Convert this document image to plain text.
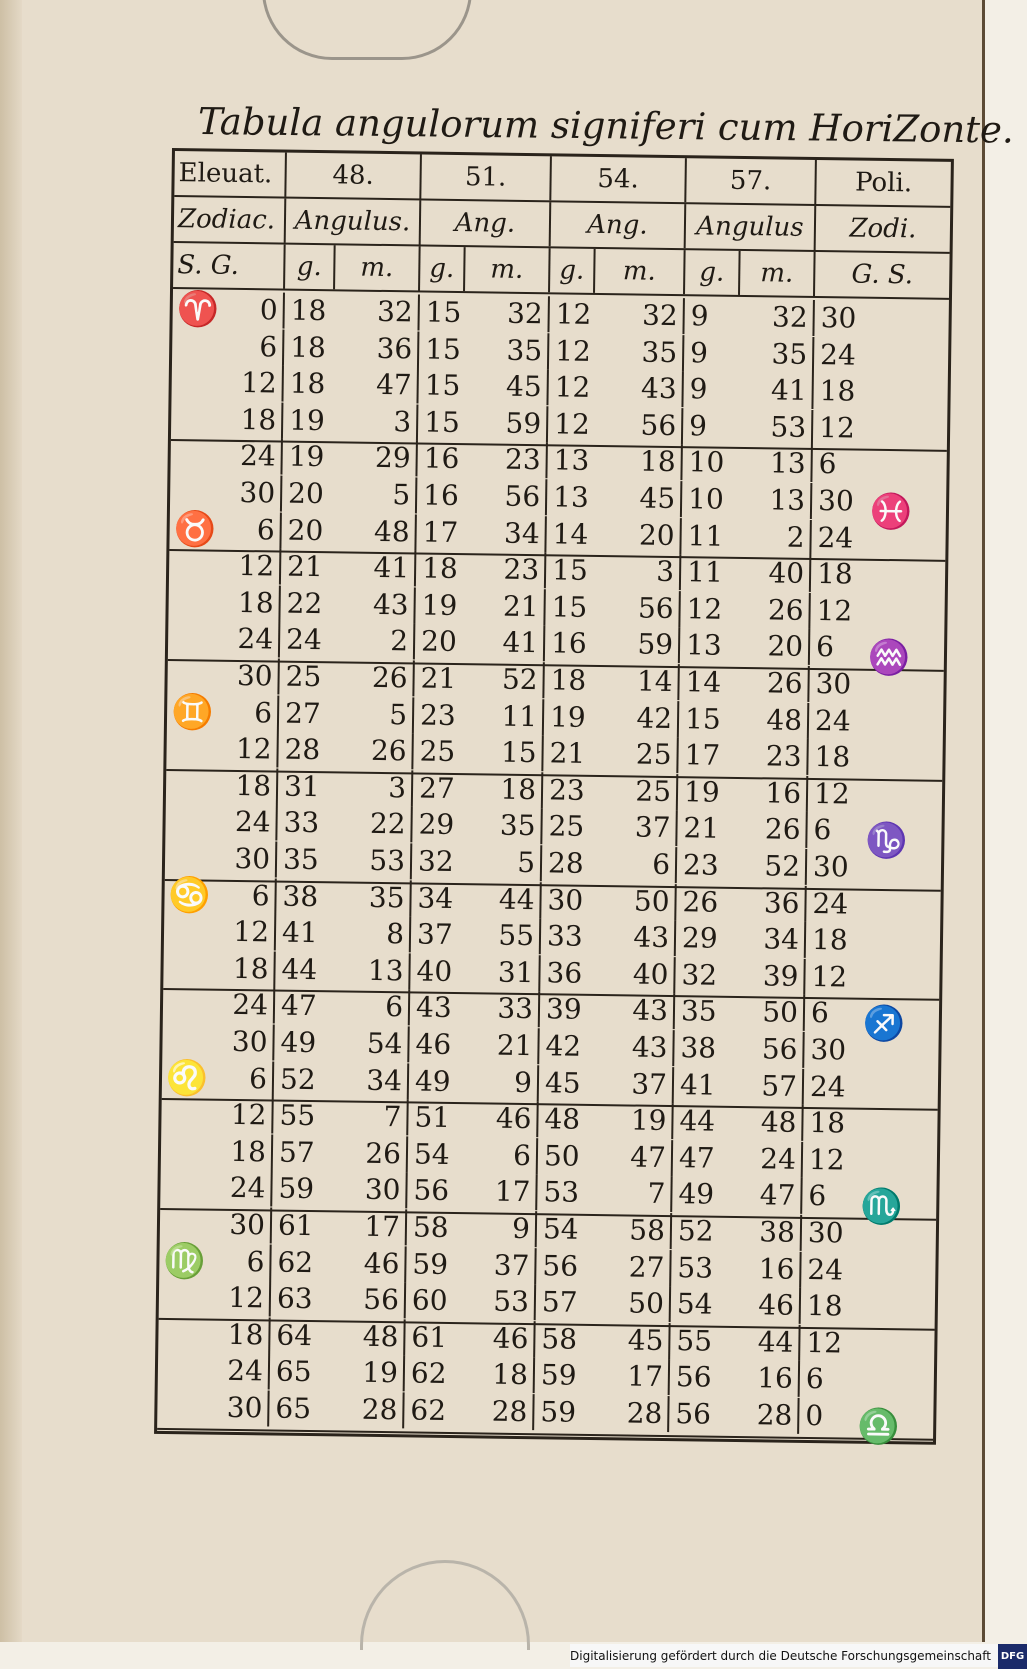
Tabula angulorum signiferi cum HoriZonte.
Eleuat.	48.	51.	54.	57.	Poli.
Zodiac. Angulus.	Ang.	Ang.	Angulus	Zodi.
S. G.	g.	m.	g.	m.	g.	m.	g.	m.	G. S.
0 18	32 15	32 12	32 9	32 30
6 18	36 15	35 12	35 9	35 24
12 18	47 15	45 12	43 9	41 18
18 19	3 15	59 12	56 9	53 12
24 19	29 16	23 13	18 10	13 6
30 20	5 16	56 13	45 10	13 30
6 20	48 17	34 14	20 11	2 24
12 21	41 18	23 15	3 11	40 18
18 22	43 19	21 15	56 12	26 12
24 24	2 20	41 16	59 13	20 6
30 25	26 21	52 18	14 14	26 30
6 27	5 23	11 19	42 15	48 24
12 28	26 25	15 21	25 17	23 18
18 31	3 27	18 23	25 19	16 12
24 33	22 29	35 25	37 21	26 6
30 35	53 32	5 28	6 23	52 30
6 38	35 34	44 30	50 26	36 24
12 41	8 37	55 33	43 29	34 18
18 44	13 40	31 36	40 32	39 12
24 47	6 43	33 39	43 35	50 6
30 49	54 46	21 42	43 38	56 30
6 52	34 49	9 45	37 41	57 24
12 55	7 51	46 48	19 44	48 18
18 57	26 54	6 50	47 47	24 12
24 59	30 56	17 53	7 49	47 6
30 61	17 58	9 54	58 52	38 30
6 62	46 59	37 56	27 53	16 24
12 63	56 60	53 57	50 54	46 18
18 64	48 61	46 58	45 55	44 12
24 65	19 62	18 59	17 56	16 6
30 65	28 62	28 59	28 56	28 0
♈
♉
♊
♋
♌
♍
♓
♒
♑
♐
♏
♎
Digitalisierung gefördert durch die Deutsche Forschungsgemeinschaft DFG
